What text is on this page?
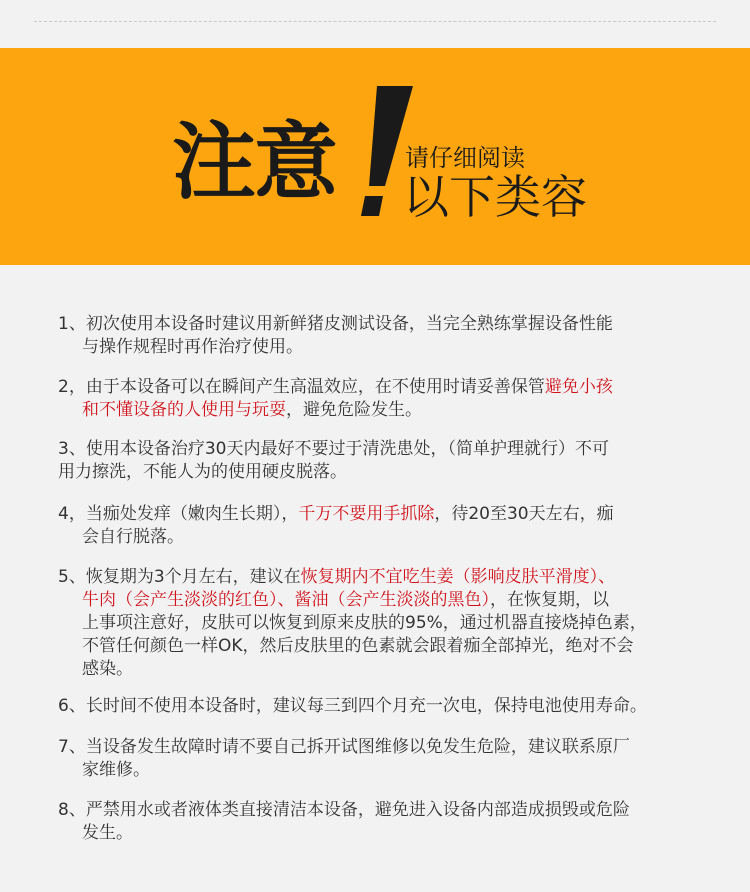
注意	请仔细阅读
以下类容
1、初次使用本设备时建议用新鲜猪皮测试设备，当完全熟练掌握设备性能
与操作规程时再作治疗使用。
2，由于本设备可以在瞬间产生高温效应，在不使用时请妥善保管避免小孩
和不懂设备的人使用与玩耍，避免危险发生。
3、使用本设备治疗30天内最好不要过于清洗患处，（简单护理就行）不可
用力擦洗，不能人为的使用硬皮脱落。
4，当痂处发痒（嫩肉生长期），千万不要用手抓除，待20至30天左右，痂
会自行脱落。
5、恢复期为3个月左右，建议在恢复期内不宜吃生姜（影响皮肤平滑度）、
牛肉（会产生淡淡的红色）、酱油（会产生淡淡的黑色），在恢复期，以
上事项注意好，皮肤可以恢复到原来皮肤的95%，通过机器直接烧掉色素，
不管任何颜色一样OK，然后皮肤里的色素就会跟着痂全部掉光，绝对不会
感染。
6、长时间不使用本设备时，建议每三到四个月充一次电，保持电池使用寿命。
7、当设备发生故障时请不要自己拆开试图维修以免发生危险，建议联系原厂
家维修。
8、严禁用水或者液体类直接清洁本设备，避免进入设备内部造成损毁或危险
发生。
